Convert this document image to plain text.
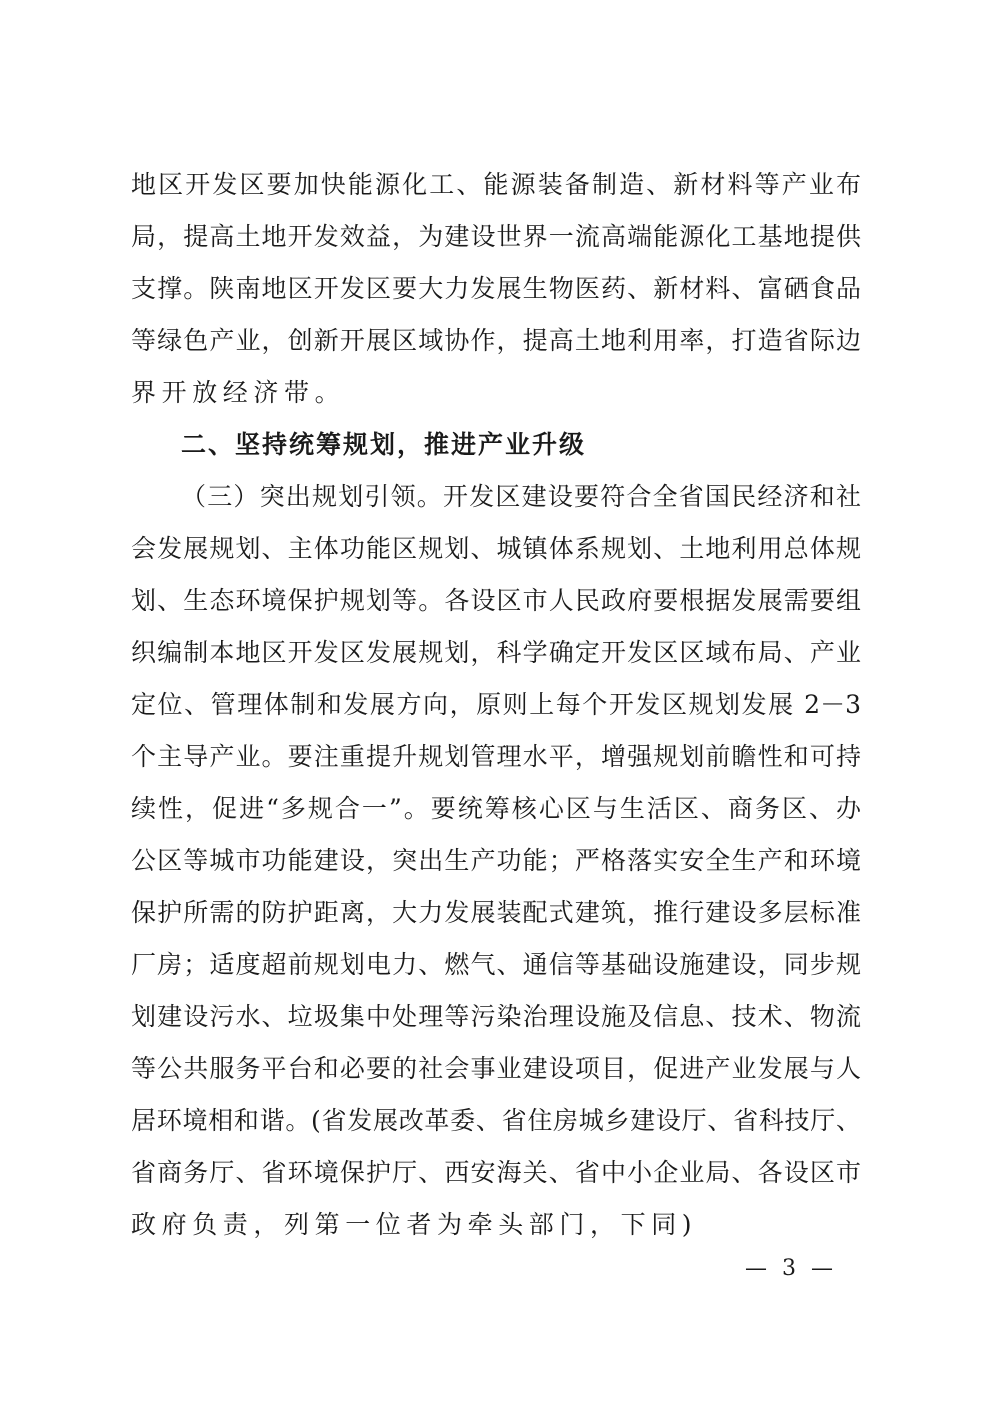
地区开发区要加快能源化工、能源装备制造、新材料等产业布
局，提高土地开发效益，为建设世界一流高端能源化工基地提供
支撑。陕南地区开发区要大力发展生物医药、新材料、富硒食品
等绿色产业，创新开展区域协作，提高土地利用率，打造省际边
界开放经济带。
二、坚持统筹规划，推进产业升级
（三）突出规划引领。开发区建设要符合全省国民经济和社
会发展规划、主体功能区规划、城镇体系规划、土地利用总体规
划、生态环境保护规划等。各设区市人民政府要根据发展需要组
织编制本地区开发区发展规划，科学确定开发区区域布局、产业
定位、管理体制和发展方向，原则上每个开发区规划发展 2－3
个主导产业。要注重提升规划管理水平，增强规划前瞻性和可持
续性，促进“多规合一”。要统筹核心区与生活区、商务区、办
公区等城市功能建设，突出生产功能；严格落实安全生产和环境
保护所需的防护距离，大力发展装配式建筑，推行建设多层标准
厂房；适度超前规划电力、燃气、通信等基础设施建设，同步规
划建设污水、垃圾集中处理等污染治理设施及信息、技术、物流
等公共服务平台和必要的社会事业建设项目，促进产业发展与人
居环境相和谐。(省发展改革委、省住房城乡建设厅、省科技厅、
省商务厅、省环境保护厅、西安海关、省中小企业局、各设区市
政府负责，列第一位者为牵头部门，下同)
— 3 —
